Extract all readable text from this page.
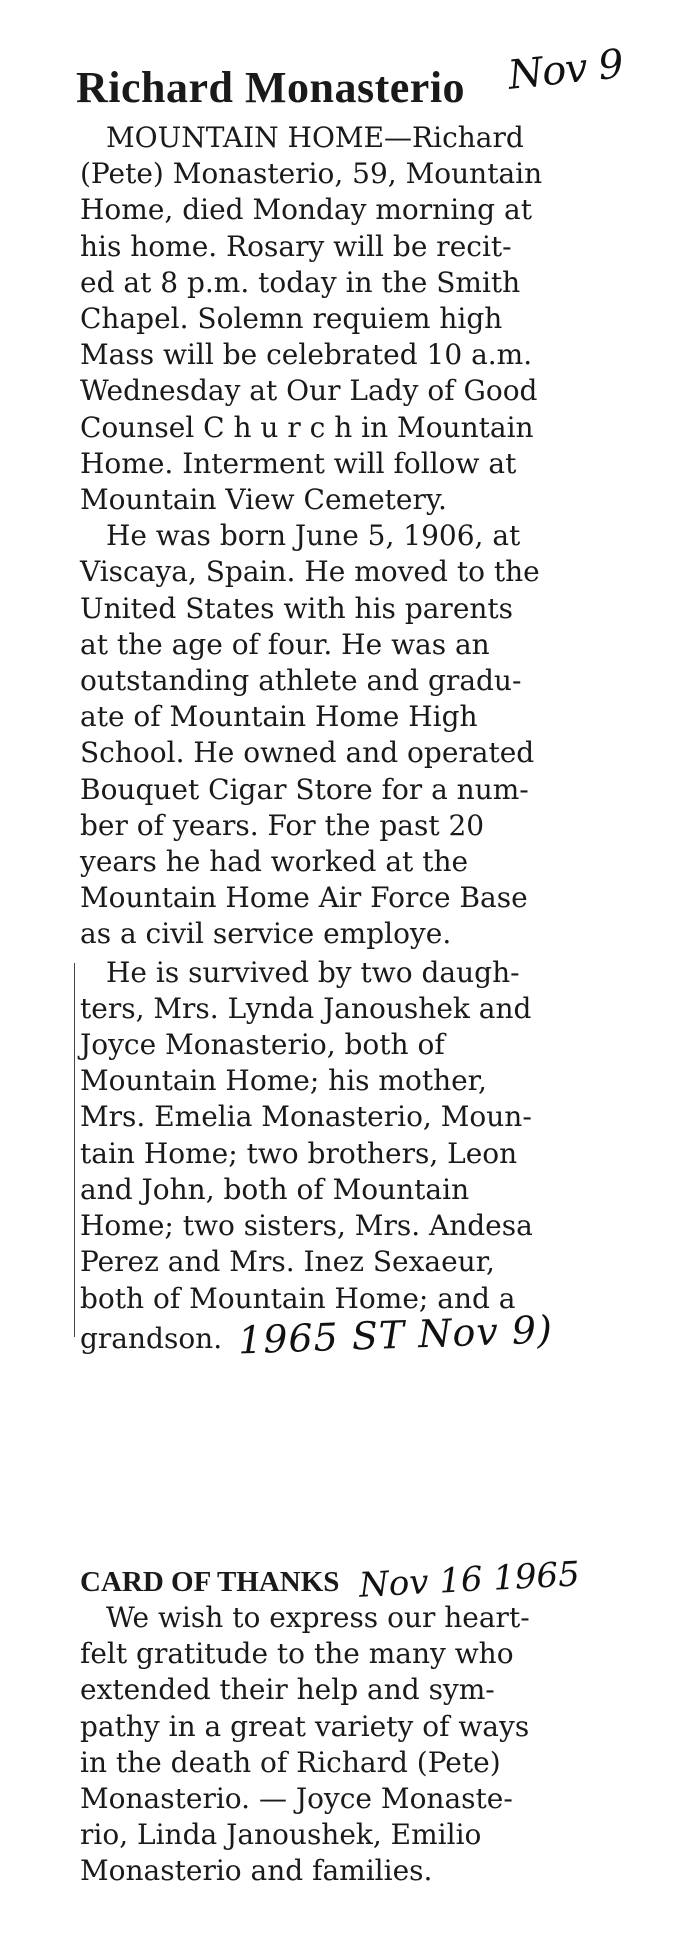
Richard Monasterio Nov 9

MOUNTAIN HOME—Richard
(Pete) Monasterio, 59, Mountain
Home, died Monday morning at
his home. Rosary will be recit-
ed at 8 p.m. today in the Smith
Chapel. Solemn requiem high
Mass will be celebrated 10 a.m.
Wednesday at Our Lady of Good
Counsel C h u r c h in Mountain
Home. Interment will follow at
Mountain View Cemetery.

He was born June 5, 1906, at
Viscaya, Spain. He moved to the
United States with his parents
at the age of four. He was an
outstanding athlete and gradu-
ate of Mountain Home High
School. He owned and operated
Bouquet Cigar Store for a num-
ber of years. For the past 20
years he had worked at the
Mountain Home Air Force Base
as a civil service employe.

He is survived by two daugh-
ters, Mrs. Lynda Janoushek and
Joyce Monasterio, both of
Mountain Home; his mother,
Mrs. Emelia Monasterio, Moun-
tain Home; two brothers, Leon
and John, both of Mountain
Home; two sisters, Mrs. Andesa
Perez and Mrs. Inez Sexaeur,
both of Mountain Home; and a
grandson. 1965 ST Nov 9)

CARD OF THANKS Nov 16 1965

We wish to express our heart-
felt gratitude to the many who
extended their help and sym-
pathy in a great variety of ways
in the death of Richard (Pete)
Monasterio. — Joyce Monaste-
rio, Linda Janoushek, Emilio
Monasterio and families.
